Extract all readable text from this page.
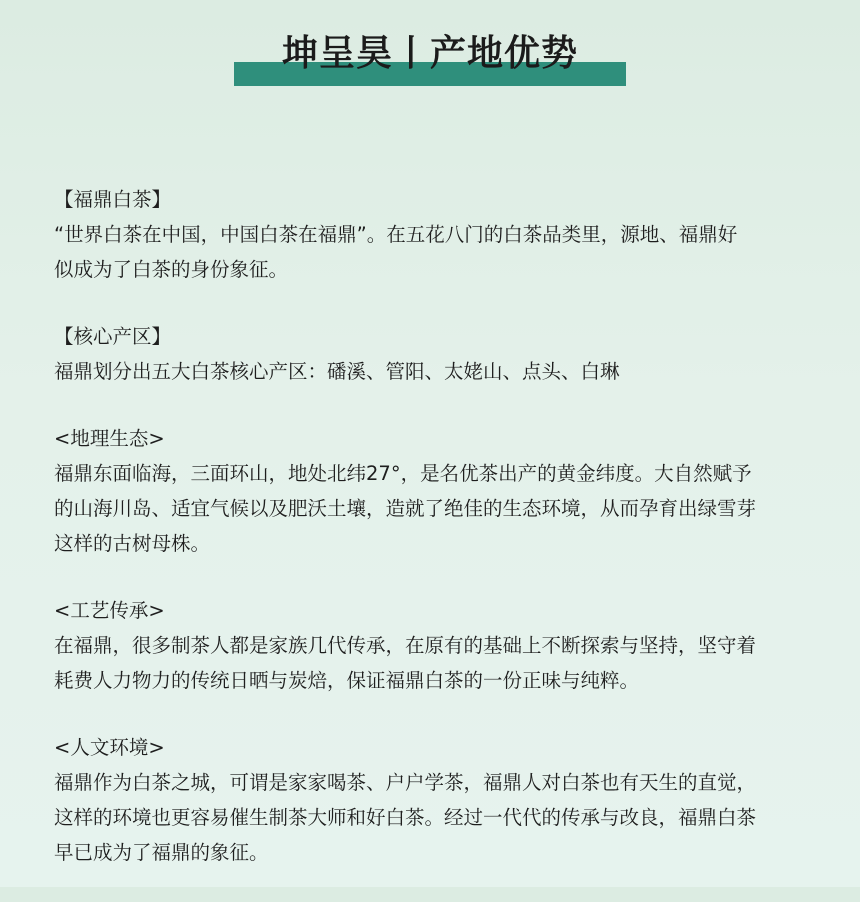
坤呈昊丨产地优势

【福鼎白茶】

“世界白茶在中国，中国白茶在福鼎”。在五花八门的白茶品类里，源地、福鼎好

似成为了白茶的身份象征。

【核心产区】

福鼎划分出五大白茶核心产区：磻溪、管阳、太姥山、点头、白琳

<地理生态>

福鼎东面临海，三面环山，地处北纬27°，是名优茶出产的黄金纬度。大自然赋予

的山海川岛、适宜气候以及肥沃土壤，造就了绝佳的生态环境，从而孕育出绿雪芽

这样的古树母株。

<工艺传承>

在福鼎，很多制茶人都是家族几代传承，在原有的基础上不断探索与坚持，坚守着

耗费人力物力的传统日晒与炭焙，保证福鼎白茶的一份正味与纯粹。

<人文环境>

福鼎作为白茶之城，可谓是家家喝茶、户户学茶，福鼎人对白茶也有天生的直觉，

这样的环境也更容易催生制茶大师和好白茶。经过一代代的传承与改良，福鼎白茶

早已成为了福鼎的象征。
